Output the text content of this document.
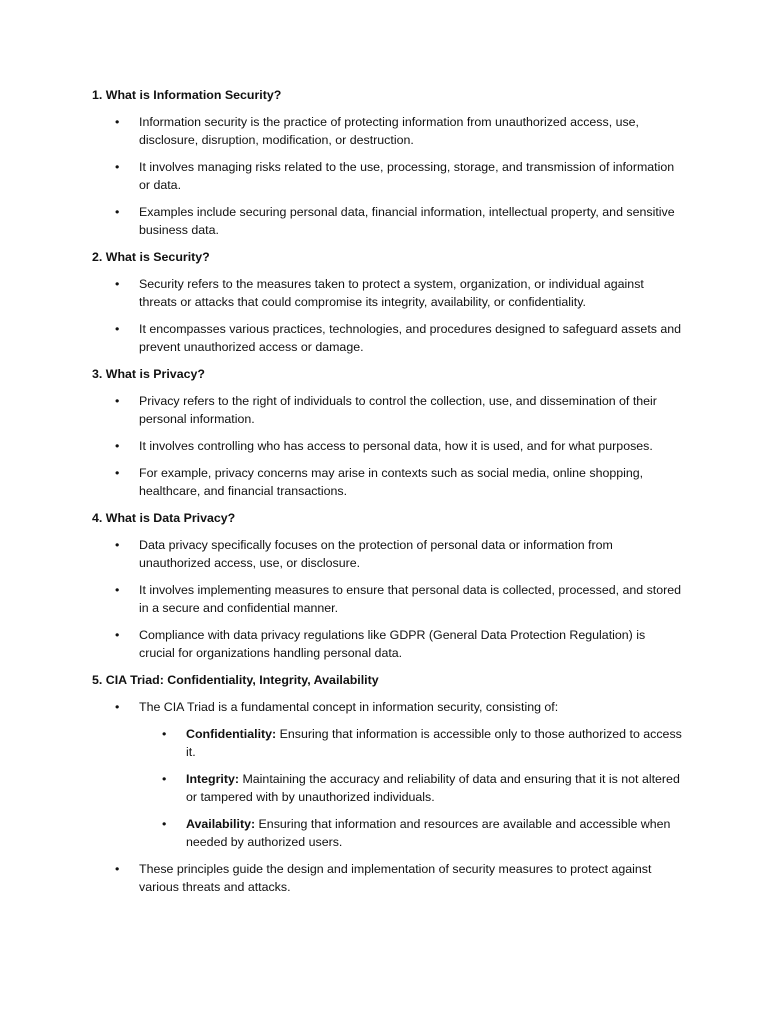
1. What is Information Security?
• Information security is the practice of protecting information from unauthorized access, use, disclosure, disruption, modification, or destruction.
• It involves managing risks related to the use, processing, storage, and transmission of information or data.
• Examples include securing personal data, financial information, intellectual property, and sensitive business data.
2. What is Security?
• Security refers to the measures taken to protect a system, organization, or individual against threats or attacks that could compromise its integrity, availability, or confidentiality.
• It encompasses various practices, technologies, and procedures designed to safeguard assets and prevent unauthorized access or damage.
3. What is Privacy?
• Privacy refers to the right of individuals to control the collection, use, and dissemination of their personal information.
• It involves controlling who has access to personal data, how it is used, and for what purposes.
• For example, privacy concerns may arise in contexts such as social media, online shopping, healthcare, and financial transactions.
4. What is Data Privacy?
• Data privacy specifically focuses on the protection of personal data or information from unauthorized access, use, or disclosure.
• It involves implementing measures to ensure that personal data is collected, processed, and stored in a secure and confidential manner.
• Compliance with data privacy regulations like GDPR (General Data Protection Regulation) is crucial for organizations handling personal data.
5. CIA Triad: Confidentiality, Integrity, Availability
• The CIA Triad is a fundamental concept in information security, consisting of:
• Confidentiality: Ensuring that information is accessible only to those authorized to access it.
• Integrity: Maintaining the accuracy and reliability of data and ensuring that it is not altered or tampered with by unauthorized individuals.
• Availability: Ensuring that information and resources are available and accessible when needed by authorized users.
• These principles guide the design and implementation of security measures to protect against various threats and attacks.
